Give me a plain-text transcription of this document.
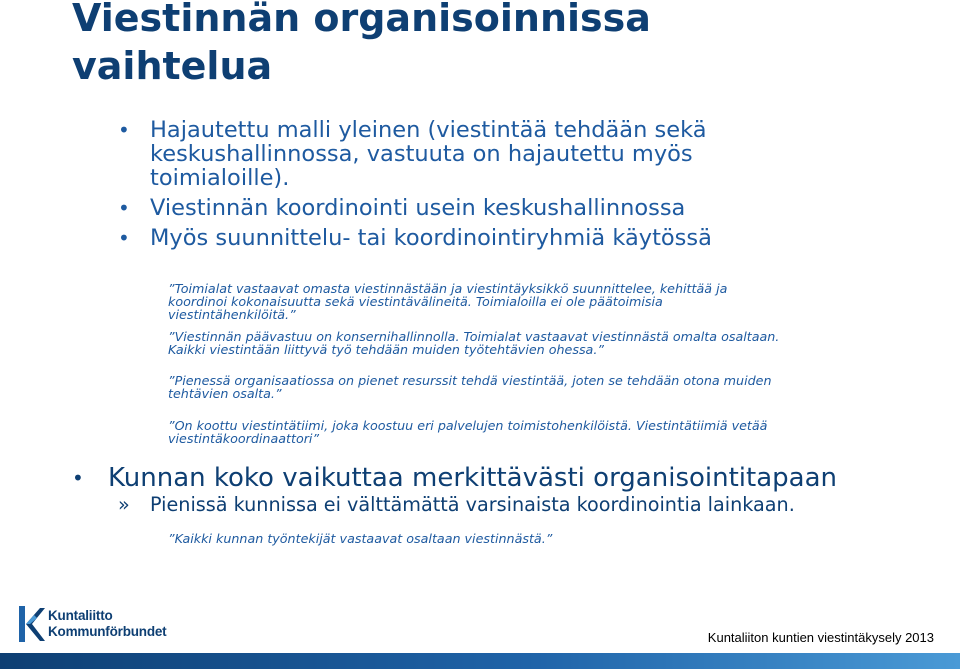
Viestinnän organisoinnissa
vaihtelua
• Hajautettu malli yleinen (viestintää tehdään sekä keskushallinnossa, vastuuta on hajautettu myös toimialoille).
• Viestinnän koordinointi usein keskushallinnossa
• Myös suunnittelu- tai koordinointiryhmiä käytössä

”Toimialat vastaavat omasta viestinnästään ja viestintäyksikkö suunnittelee, kehittää ja koordinoi kokonaisuutta sekä viestintävälineitä. Toimialoilla ei ole päätoimisia viestintähenkilöitä.”

”Viestinnän päävastuu on konsernihallinnolla. Toimialat vastaavat viestinnästä omalta osaltaan. Kaikki viestintään liittyvä työ tehdään muiden työtehtävien ohessa.”

”Pienessä organisaatiossa on pienet resurssit tehdä viestintää, joten se tehdään otona muiden tehtävien osalta.”

”On koottu viestintätiimi, joka koostuu eri palvelujen toimistohenkilöistä. Viestintätiimiä vetää viestintäkoordinaattori”

• Kunnan koko vaikuttaa merkittävästi organisointitapaan

» Pienissä kunnissa ei välttämättä varsinaista koordinointia lainkaan.

”Kaikki kunnan työntekijät vastaavat osaltaan viestinnästä.”

Kuntaliitto
Kommunförbundet	Kuntaliiton kuntien viestintäkysely 2013
